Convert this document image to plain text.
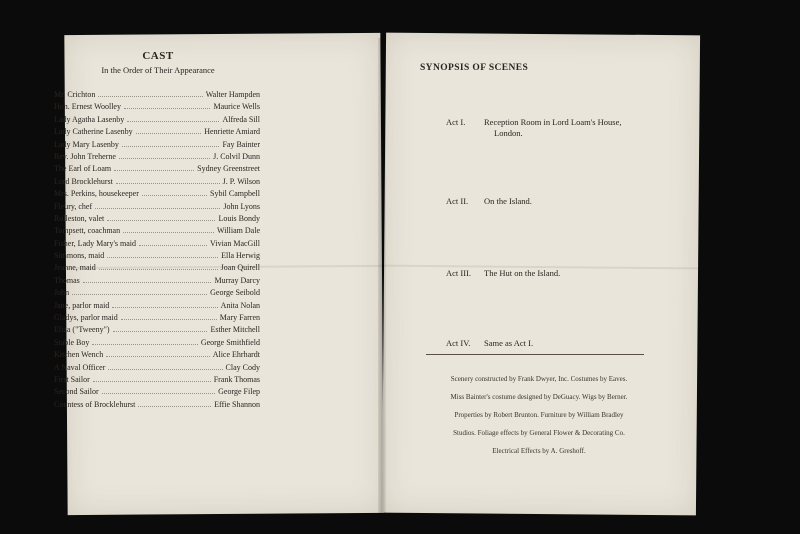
CAST
In the Order of Their Appearance
Mr. Crichton	Walter Hampden
Hon. Ernest Woolley	Maurice Wells
Lady Agatha Lasenby	Alfreda Sill
Lady Catherine Lasenby	Henriette Amiard
Lady Mary Lasenby	Fay Bainter
Rev. John Treherne	J. Colvil Dunn
The Earl of Loam	Sydney Greenstreet
Lord Brocklehurst	J. P. Wilson
Mrs. Perkins, housekeeper	Sybil Campbell
Fleury, chef	John Lyons
Rolleston, valet	Louis Bondy
Tompsett, coachman	William Dale
Fisher, Lady Mary's maid	Vivian MacGill
Simmons, maid	Ella Herwig
Jeanne, maid	Joan Quirell
Thomas	Murray Darcy
John	George Seibold
Jane, parlor maid	Anita Nolan
Gladys, parlor maid	Mary Farren
Eliza ("Tweeny")	Esther Mitchell
Stable Boy	George Smithfield
Kitchen Wench	Alice Ehrhardt
A Naval Officer	Clay Cody
First Sailor	Frank Thomas
Second Sailor	George Filep
Countess of Brocklehurst	Effie Shannon
SYNOPSIS OF SCENES
Act I. Reception Room in Lord Loam's House,
London.
Act II. On the Island.
Act III. The Hut on the Island.
Act IV. Same as Act I.
Scenery constructed by Frank Dwyer, Inc. Costumes by Eaves.
Miss Bainter's costume designed by DeGuacy. Wigs by Berner.
Properties by Robert Brunton. Furniture by William Bradley
Studios. Foliage effects by General Flower & Decorating Co.
Electrical Effects by A. Greshoff.
